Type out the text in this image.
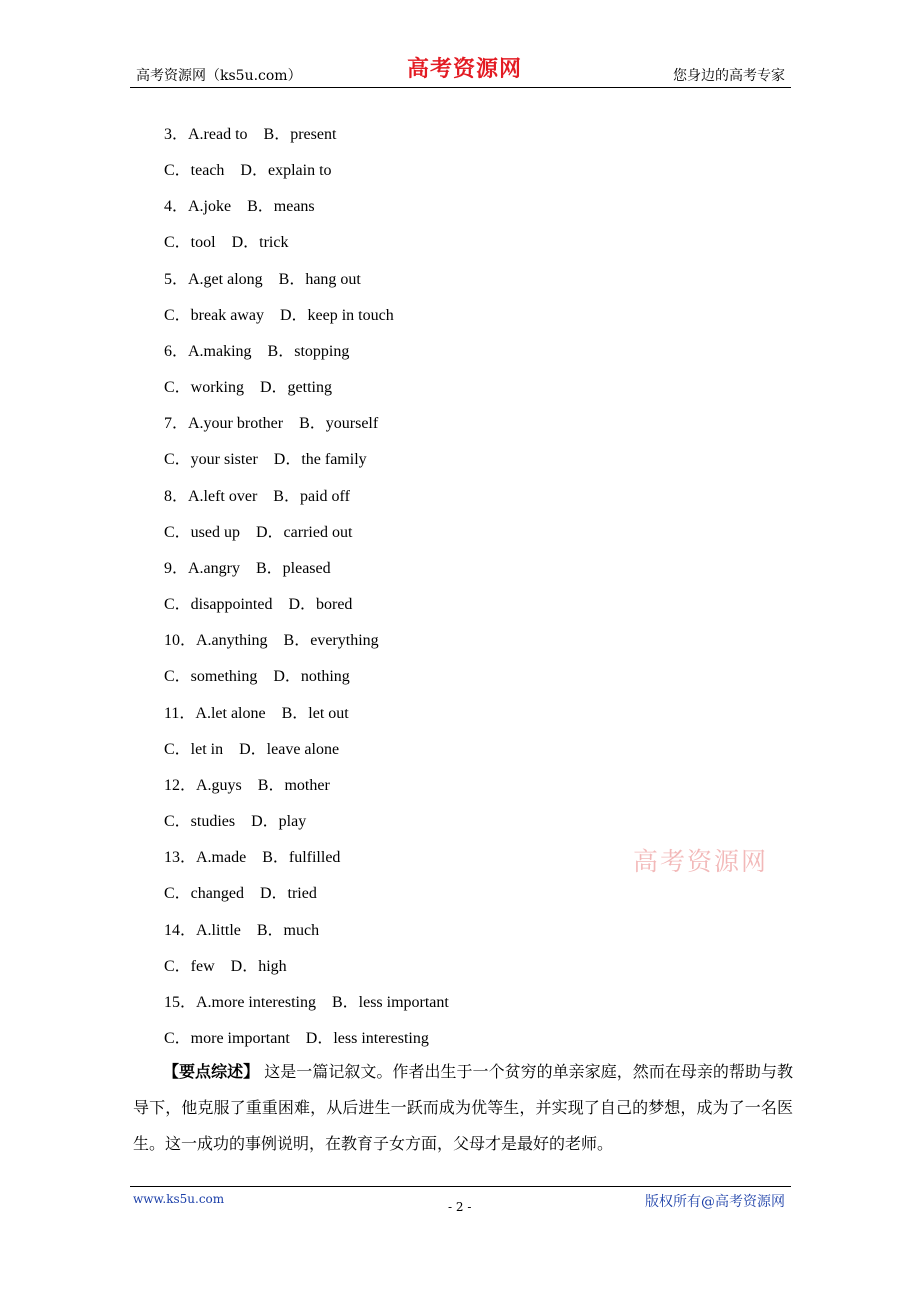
高考资源网（ks5u.com）	高考资源网	您身边的高考专家
3．A.read to　B．present
C．teach　D．explain to
4．A.joke　B．means
C．tool　D．trick
5．A.get along　B．hang out
C．break away　D．keep in touch
6．A.making　B．stopping
C．working　D．getting
7．A.your brother　B．yourself
C．your sister　D．the family
8．A.left over　B．paid off
C．used up　D．carried out
9．A.angry　B．pleased
C．disappointed　D．bored
10．A.anything　B．everything
C．something　D．nothing
11．A.let alone　B．let out
C．let in　D．leave alone
12．A.guys　B．mother
C．studies　D．play
13．A.made　B．fulfilled
C．changed　D．tried
14．A.little　B．much
C．few　D．high
15．A.more interesting　B．less important
C．more important　D．less interesting
高考资源网
【要点综述】 这是一篇记叙文。作者出生于一个贫穷的单亲家庭，然而在母亲的帮助与教导下，他克服了重重困难，从后进生一跃而成为优等生，并实现了自己的梦想，成为了一名医生。这一成功的事例说明，在教育子女方面，父母才是最好的老师。
www.ks5u.com
- 2 -	版权所有@高考资源网
